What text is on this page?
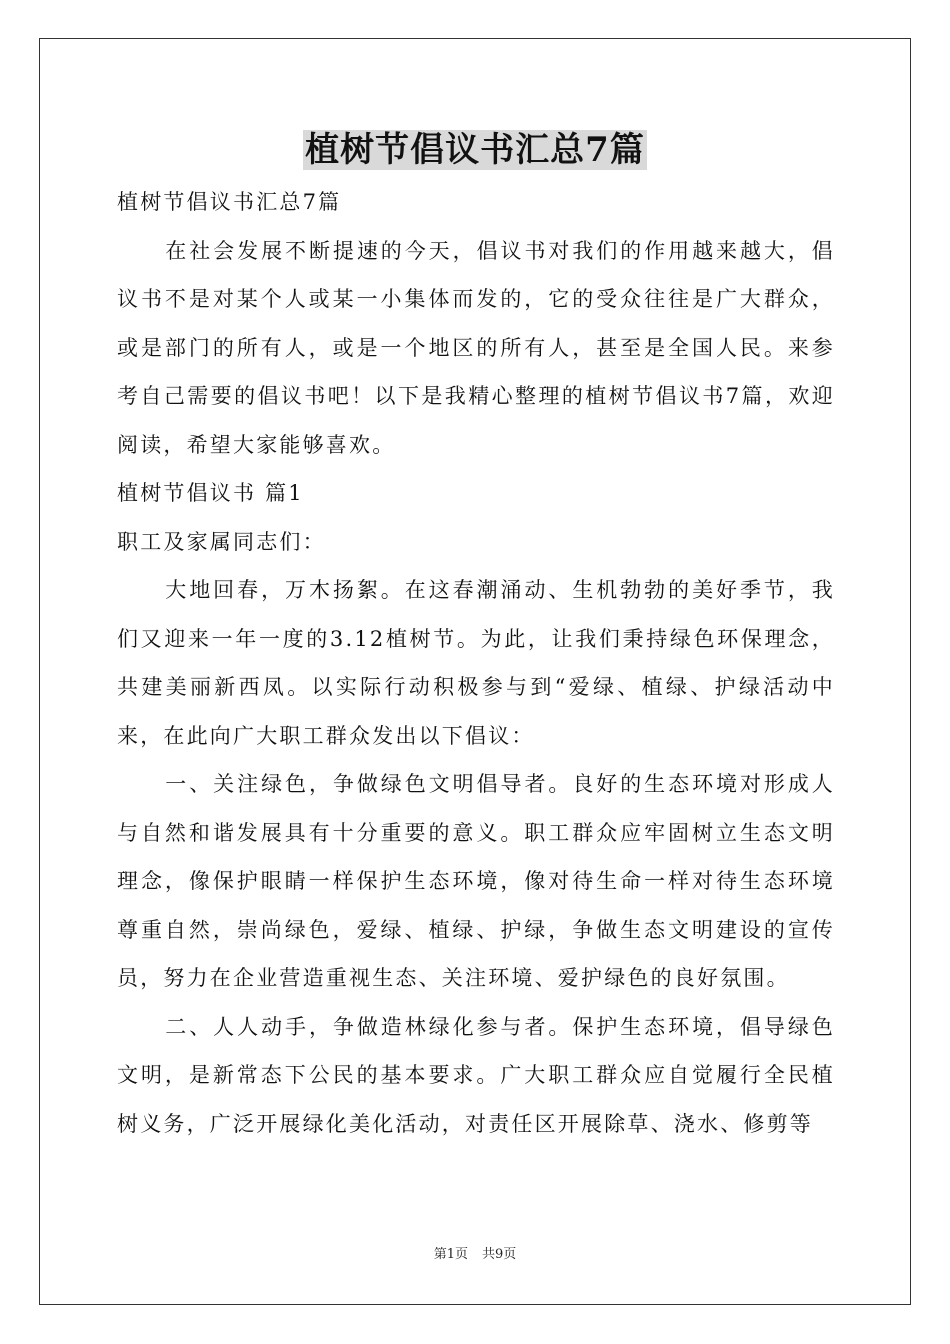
植树节倡议书汇总7篇

植树节倡议书汇总7篇

在社会发展不断提速的今天，倡议书对我们的作用越来越大，倡议书不是对某个人或某一小集体而发的，它的受众往往是广大群众，或是部门的所有人，或是一个地区的所有人，甚至是全国人民。来参考自己需要的倡议书吧！以下是我精心整理的植树节倡议书7篇，欢迎阅读，希望大家能够喜欢。

植树节倡议书 篇1

职工及家属同志们：

大地回春，万木扬絮。在这春潮涌动、生机勃勃的美好季节，我们又迎来一年一度的3.12植树节。为此，让我们秉持绿色环保理念，共建美丽新西凤。以实际行动积极参与到“爱绿、植绿、护绿活动中来，在此向广大职工群众发出以下倡议：

一、关注绿色，争做绿色文明倡导者。良好的生态环境对形成人与自然和谐发展具有十分重要的意义。职工群众应牢固树立生态文明理念，像保护眼睛一样保护生态环境，像对待生命一样对待生态环境尊重自然，崇尚绿色，爱绿、植绿、护绿，争做生态文明建设的宣传员，努力在企业营造重视生态、关注环境、爱护绿色的良好氛围。

二、人人动手，争做造林绿化参与者。保护生态环境，倡导绿色文明，是新常态下公民的基本要求。广大职工群众应自觉履行全民植树义务，广泛开展绿化美化活动，对责任区开展除草、浇水、修剪等

第1页 共9页
